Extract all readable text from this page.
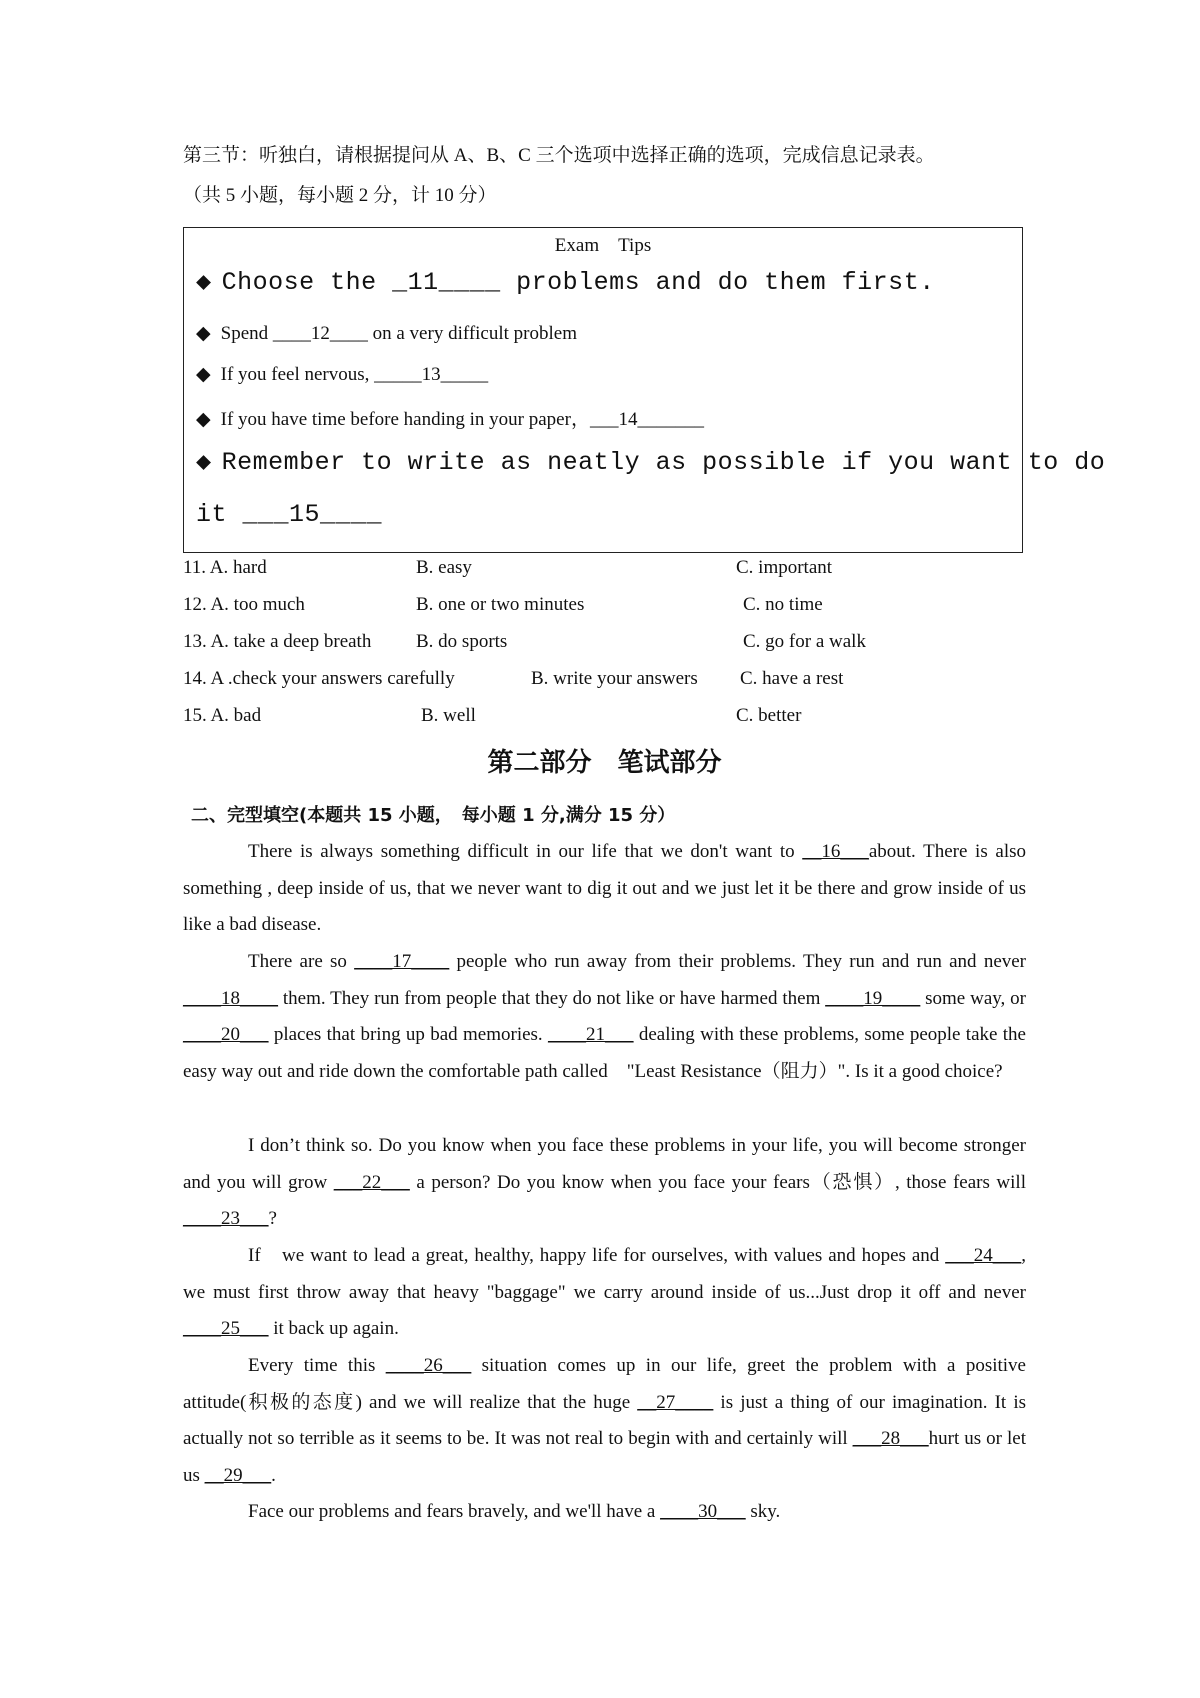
第三节：听独白，请根据提问从 A、B、C 三个选项中选择正确的选项，完成信息记录表。
（共 5 小题，每小题 2 分，计 10 分）
Exam　Tips
◆ Choose the _11____ problems and do them first.
◆ Spend ____12____ on a very difficult problem
◆ If you feel nervous, _____13_____
◆ If you have time before handing in your paper，___14_______
◆ Remember to write as neatly as possible if you want to do
it ___15____
11. A. hard	B. easy	C. important
12. A. too much	B. one or two minutes	C. no time
13. A. take a deep breath B. do sports	C. go for a walk
14. A .check your answers carefully	B. write your answers C. have a rest
15. A. bad	B. well	C. better
第二部分　笔试部分
二、完型填空(本题共 15 小题，　每小题 1 分,满分 15 分）
There is always something difficult in our life that we don't want to __16___about. There is also something , deep inside of us, that we never want to dig it out and we just let it be there and grow inside of us like a bad disease.
There are so ____17____ people who run away from their problems. They run and run and never ____18____ them. They run from people that they do not like or have harmed them ____19____ some way, or ____20___ places that bring up bad memories. ____21___ dealing with these problems, some people take the easy way out and ride down the comfortable path called　"Least Resistance（阻力）". Is it a good choice?
I don’t think so. Do you know when you face these problems in your life, you will become stronger and you will grow ___22___ a person? Do you know when you face your fears（恐惧）, those fears will ____23___?
If　we want to lead a great, healthy, happy life for ourselves, with values and hopes and ___24___, we must first throw away that heavy "baggage" we carry around inside of us...Just drop it off and never ____25___ it back up again.
Every time this ____26___ situation comes up in our life, greet the problem with a positive attitude(积极的态度) and we will realize that the huge __27____ is just a thing of our imagination. It is actually not so terrible as it seems to be. It was not real to begin with and certainly will ___28___hurt us or let us __29___.
Face our problems and fears bravely, and we'll have a ____30___ sky.
